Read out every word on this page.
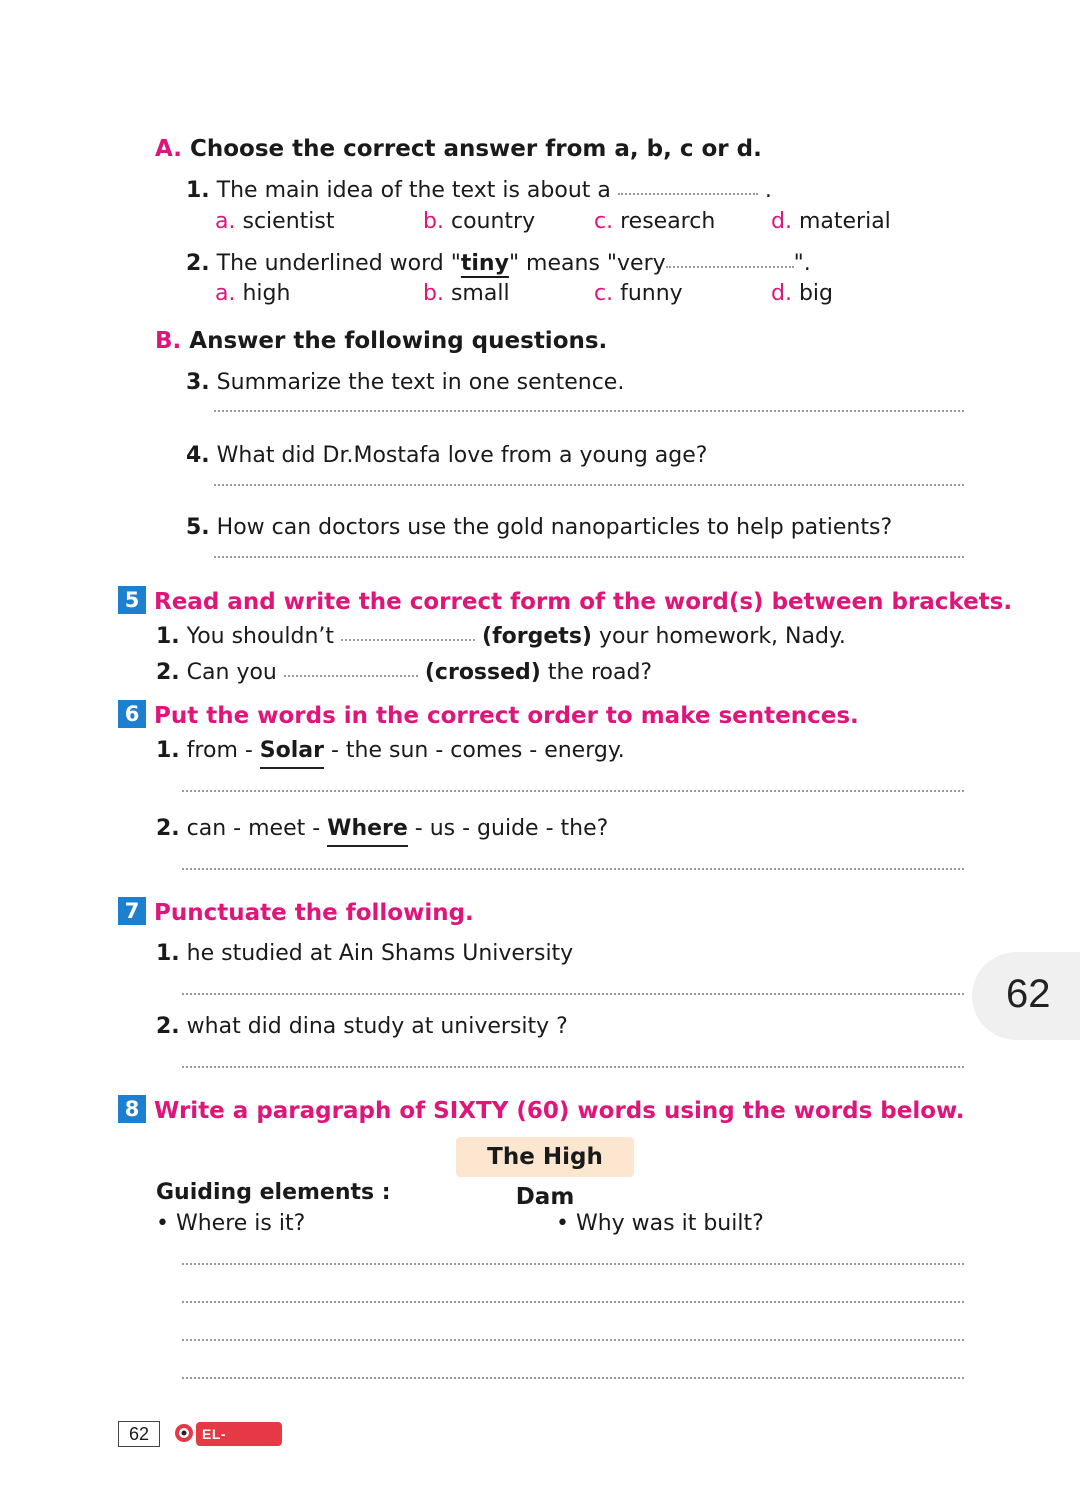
A. Choose the correct answer from a, b, c or d.
1. The main idea of the text is about a	.
a. scientist	b. country	c. research	d. material
2. The underlined word "tiny" means "very	".
a. high	b. small	c. funny	d. big
B. Answer the following questions.
3. Summarize the text in one sentence.
4. What did Dr.Mostafa love from a young age?
5. How can doctors use the gold nanoparticles to help patients?
5 Read and write the correct form of the word(s) between brackets.
1. You shouldn’t	(forgets) your homework, Nady.
2. Can you	(crossed) the road?
6 Put the words in the correct order to make sentences.
1. from - Solar - the sun - comes - energy.
2. can - meet - Where - us - guide - the?
7 Punctuate the following.
1. he studied at Ain Shams University
2. what did dina study at university ?
8 Write a paragraph of SIXTY (60) words using the words below.
The High Dam
Guiding elements :
• Where is it?	• Why was it built?
62
62	EL-MOASSER
